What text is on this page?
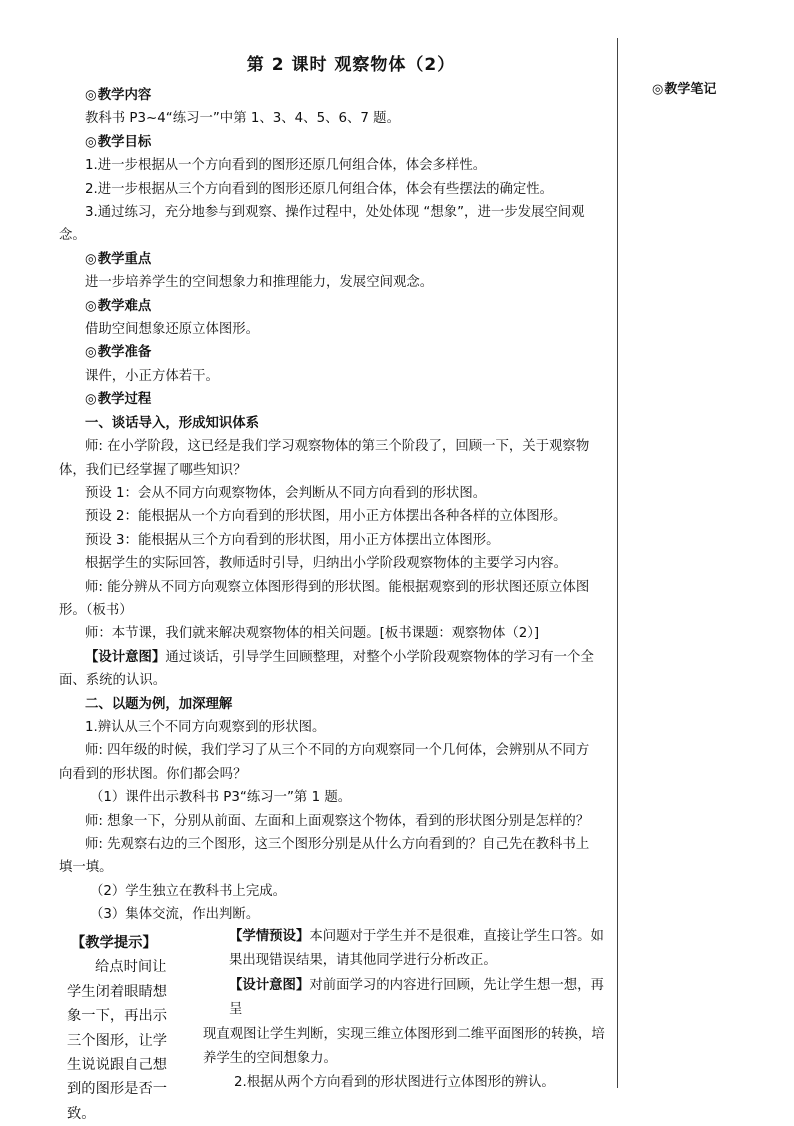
第 2 课时 观察物体（2）
◎教学笔记

◎教学内容

教科书 P3~4“练习一”中第 1、3、4、5、6、7 题。

◎教学目标

1.进一步根据从一个方向看到的图形还原几何组合体，体会多样性。

2.进一步根据从三个方向看到的图形还原几何组合体，体会有些摆法的确定性。

3.通过练习，充分地参与到观察、操作过程中，处处体现 “想象”，进一步发展空间观

念。

◎教学重点

进一步培养学生的空间想象力和推理能力，发展空间观念。

◎教学难点

借助空间想象还原立体图形。

◎教学准备

课件，小正方体若干。

◎教学过程

一、谈话导入，形成知识体系

师: 在小学阶段，这已经是我们学习观察物体的第三个阶段了，回顾一下，关于观察物

体，我们已经掌握了哪些知识？

预设 1：会从不同方向观察物体，会判断从不同方向看到的形状图。

预设 2：能根据从一个方向看到的形状图，用小正方体摆出各种各样的立体图形。

预设 3：能根据从三个方向看到的形状图，用小正方体摆出立体图形。

根据学生的实际回答，教师适时引导，归纳出小学阶段观察物体的主要学习内容。

师: 能分辨从不同方向观察立体图形得到的形状图。能根据观察到的形状图还原立体图

形。（板书）

师：本节课，我们就来解决观察物体的相关问题。[板书课题：观察物体（2）]

【设计意图】通过谈话，引导学生回顾整理，对整个小学阶段观察物体的学习有一个全

面、系统的认识。

二、以题为例，加深理解

1.辨认从三个不同方向观察到的形状图。

师: 四年级的时候，我们学习了从三个不同的方向观察同一个几何体，会辨别从不同方

向看到的形状图。你们都会吗？

（1）课件出示教科书 P3“练习一”第 1 题。

师: 想象一下，分别从前面、左面和上面观察这个物体，看到的形状图分别是怎样的？

师: 先观察右边的三个图形，这三个图形分别是从什么方向看到的？自己先在教科书上

填一填。

（2）学生独立在教科书上完成。

（3）集体交流，作出判断。

【学情预设】本问题对于学生并不是很难，直接让学生口答。如

果出现错误结果，请其他同学进行分析改正。

【设计意图】对前面学习的内容进行回顾，先让学生想一想，再呈

现直观图让学生判断，实现三维立体图形到二维平面图形的转换，培

养学生的空间想象力。

2.根据从两个方向看到的形状图进行立体图形的辨认。

【教学提示】

给点时间让

学生闭着眼睛想

象一下，再出示

三个图形，让学

生说说跟自己想

到的图形是否一

致。
